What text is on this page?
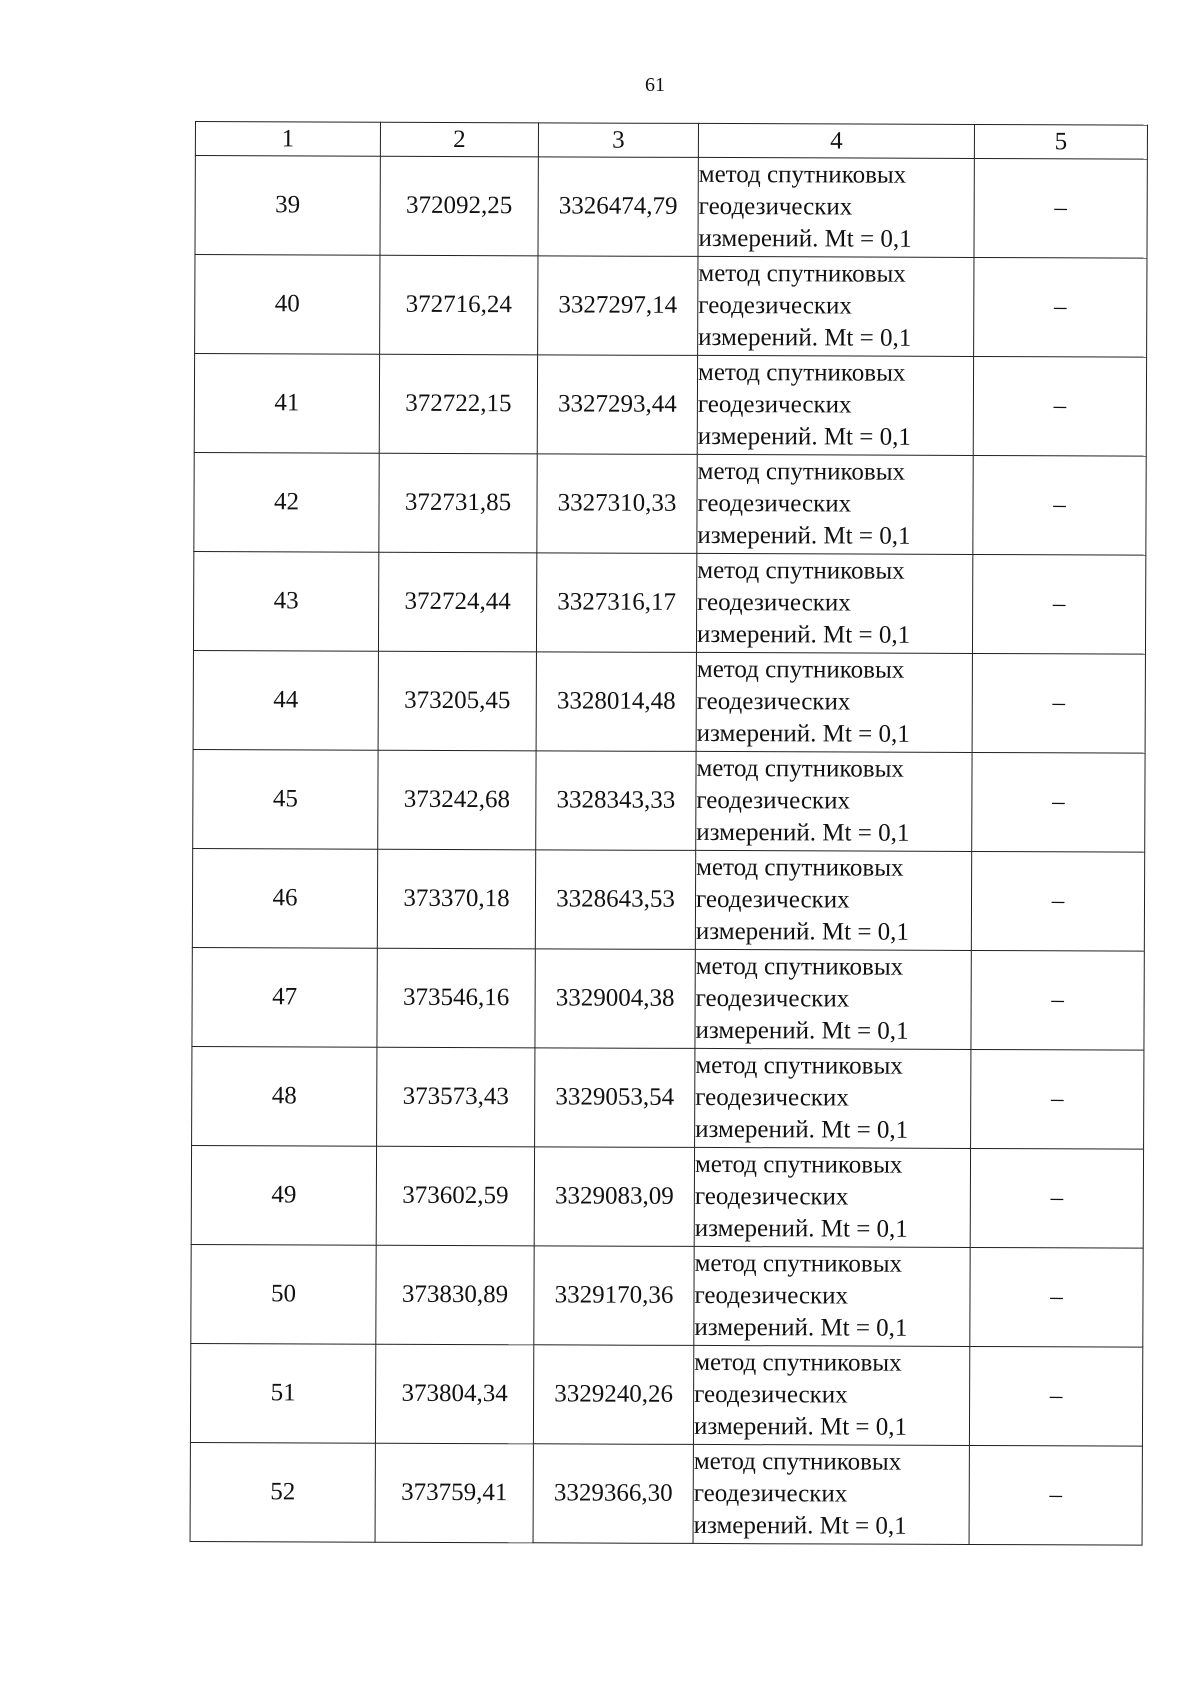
61
1	2	3	4	5
39	372092,25	3326474,79	метод спутниковых
геодезических
измерений. Mt = 0,1	–
40	372716,24	3327297,14	метод спутниковых
геодезических
измерений. Mt = 0,1	–
41	372722,15	3327293,44	метод спутниковых
геодезических
измерений. Mt = 0,1	–
42	372731,85	3327310,33	метод спутниковых
геодезических
измерений. Mt = 0,1	–
43	372724,44	3327316,17	метод спутниковых
геодезических
измерений. Mt = 0,1	–
44	373205,45	3328014,48	метод спутниковых
геодезических
измерений. Mt = 0,1	–
45	373242,68	3328343,33	метод спутниковых
геодезических
измерений. Mt = 0,1	–
46	373370,18	3328643,53	метод спутниковых
геодезических
измерений. Mt = 0,1	–
47	373546,16	3329004,38	метод спутниковых
геодезических
измерений. Mt = 0,1	–
48	373573,43	3329053,54	метод спутниковых
геодезических
измерений. Mt = 0,1	–
49	373602,59	3329083,09	метод спутниковых
геодезических
измерений. Mt = 0,1	–
50	373830,89	3329170,36	метод спутниковых
геодезических
измерений. Mt = 0,1	–
51	373804,34	3329240,26	метод спутниковых
геодезических
измерений. Mt = 0,1	–
52	373759,41	3329366,30	метод спутниковых
геодезических
измерений. Mt = 0,1	–
